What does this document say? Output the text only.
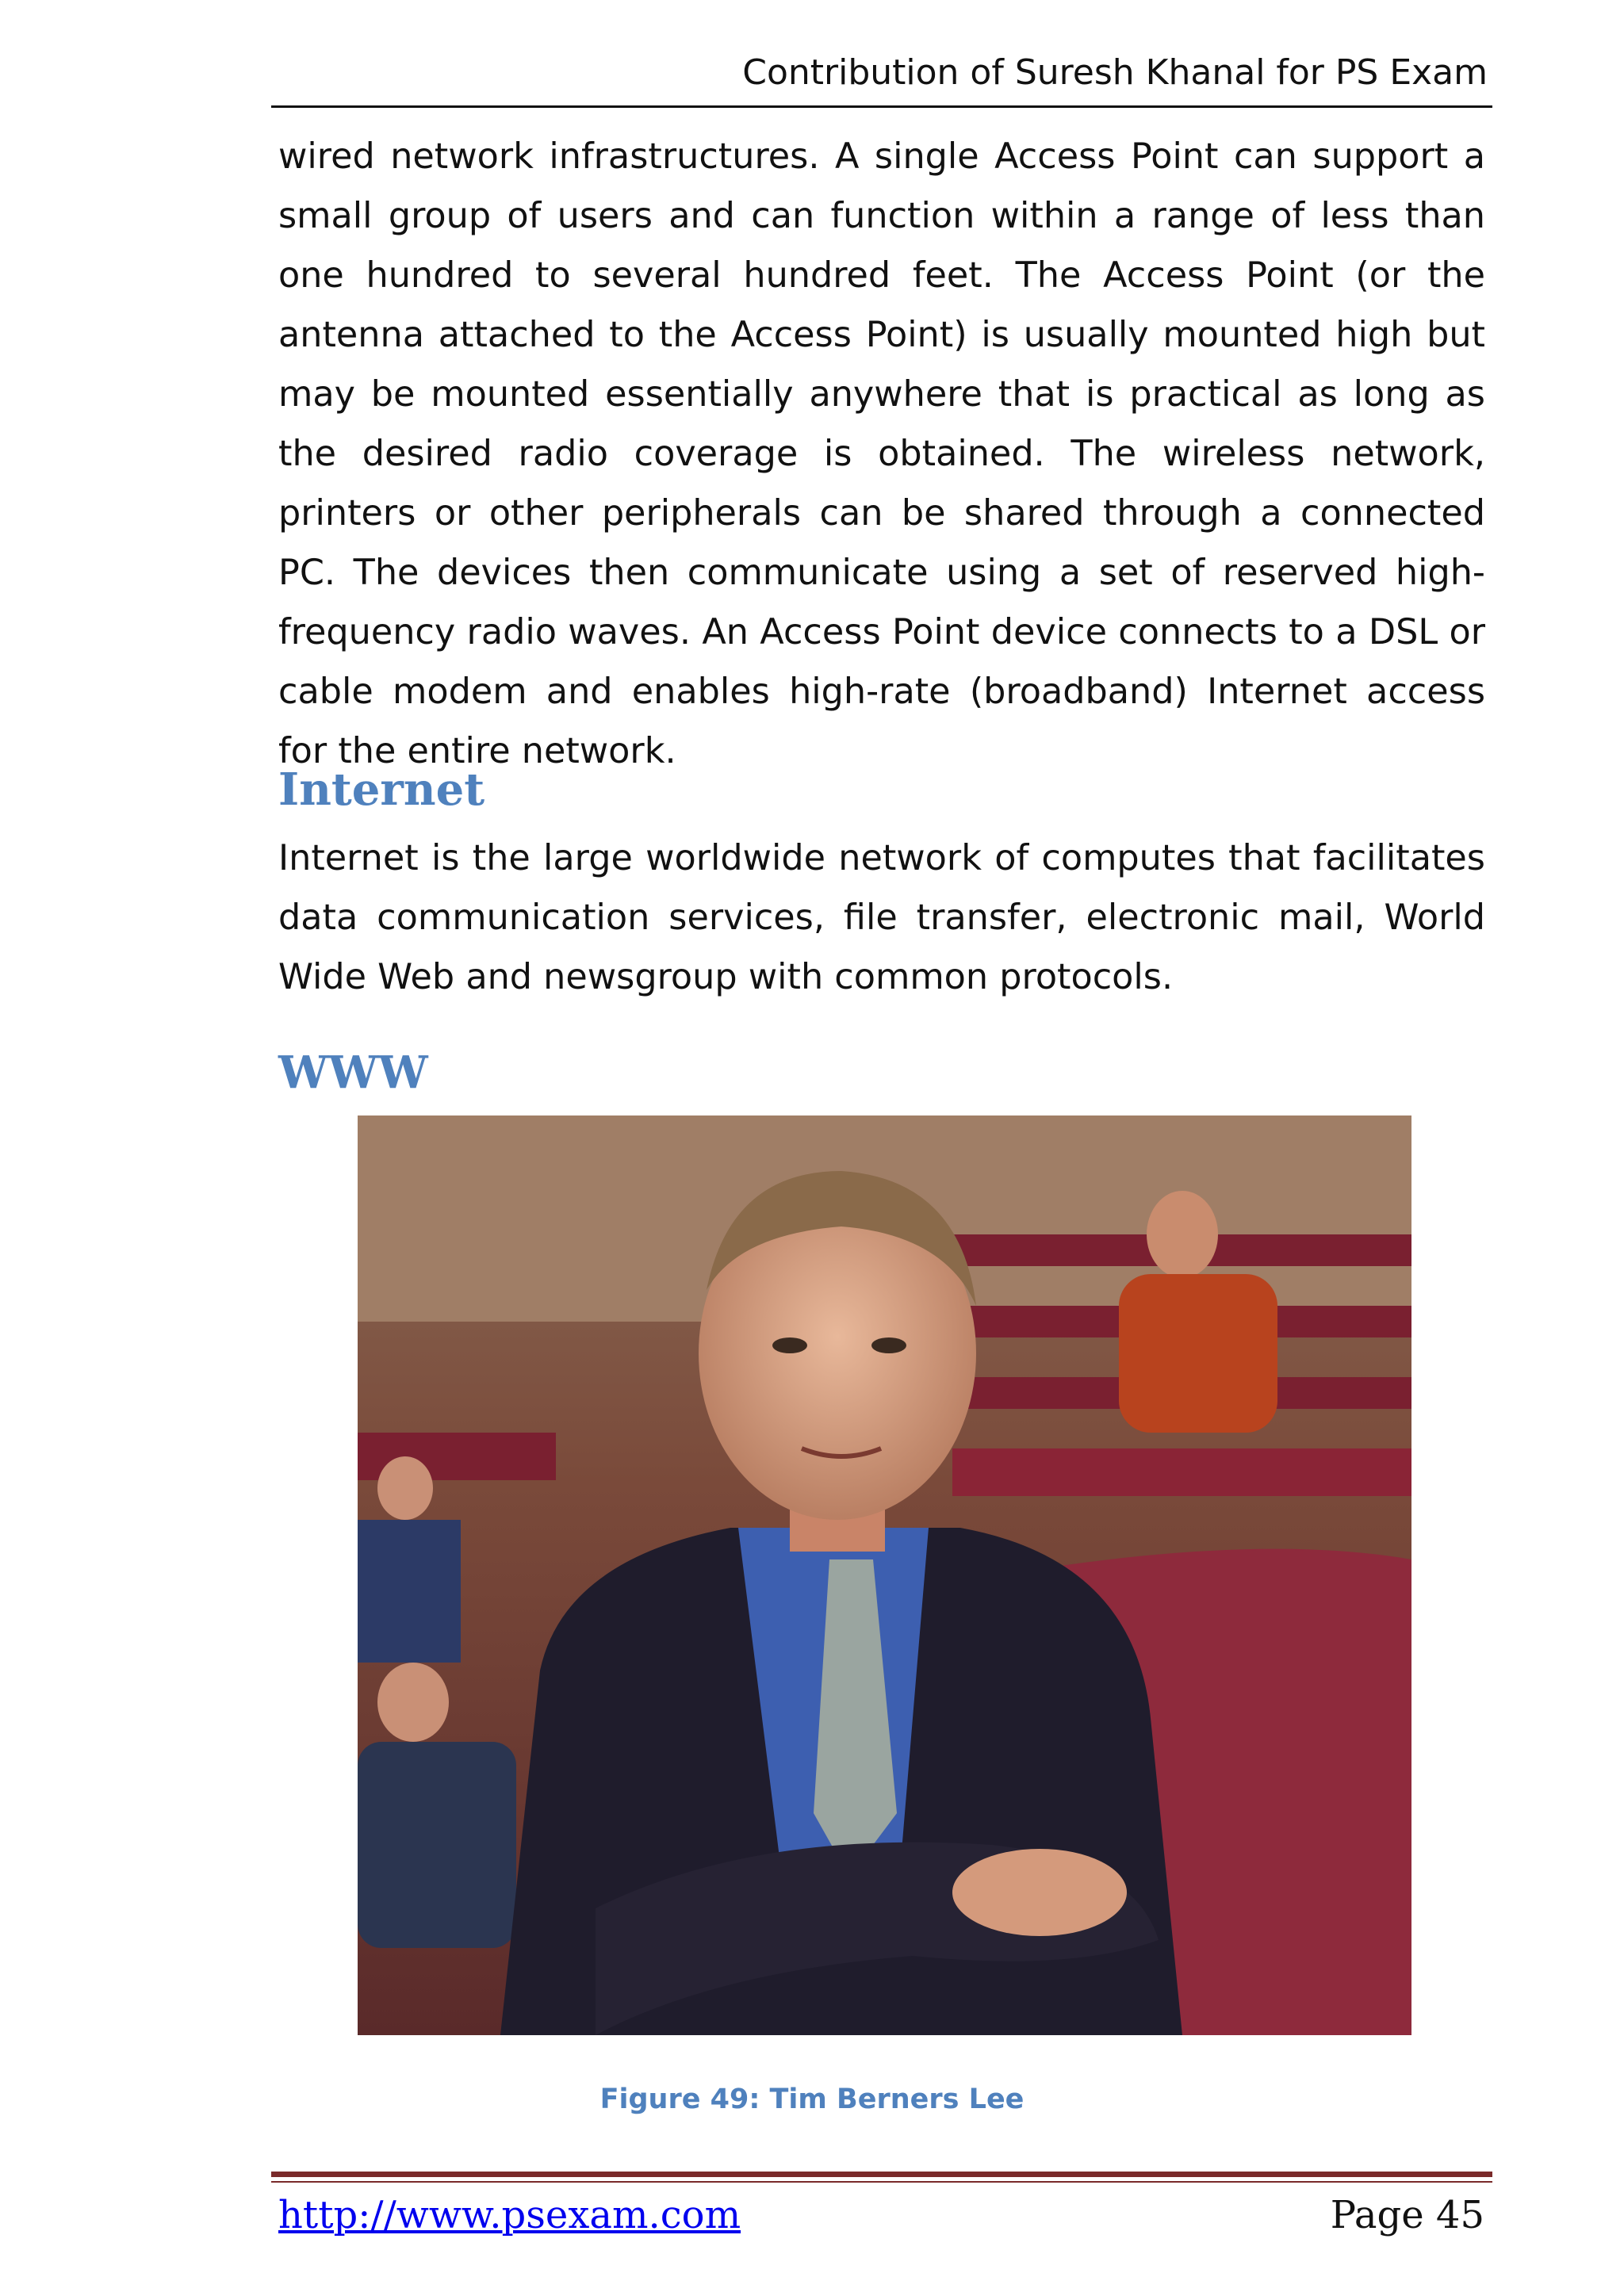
Contribution of Suresh Khanal for PS Exam

wired network infrastructures. A single Access Point can support a small group of users and can function within a range of less than one hundred to several hundred feet. The Access Point (or the antenna attached to the Access Point) is usually mounted high but may be mounted essentially anywhere that is practical as long as the desired radio coverage is obtained. The wireless network, printers or other peripherals can be shared through a connected PC. The devices then communicate using a set of reserved high-frequency radio waves. An Access Point device connects to a DSL or cable modem and enables high-rate (broadband) Internet access for the entire network.

Internet

Internet is the large worldwide network of computes that facilitates data communication services, file transfer, electronic mail, World Wide Web and newsgroup with common protocols.

WWW
Figure 49: Tim Berners Lee
http://www.psexam.com	Page 45
